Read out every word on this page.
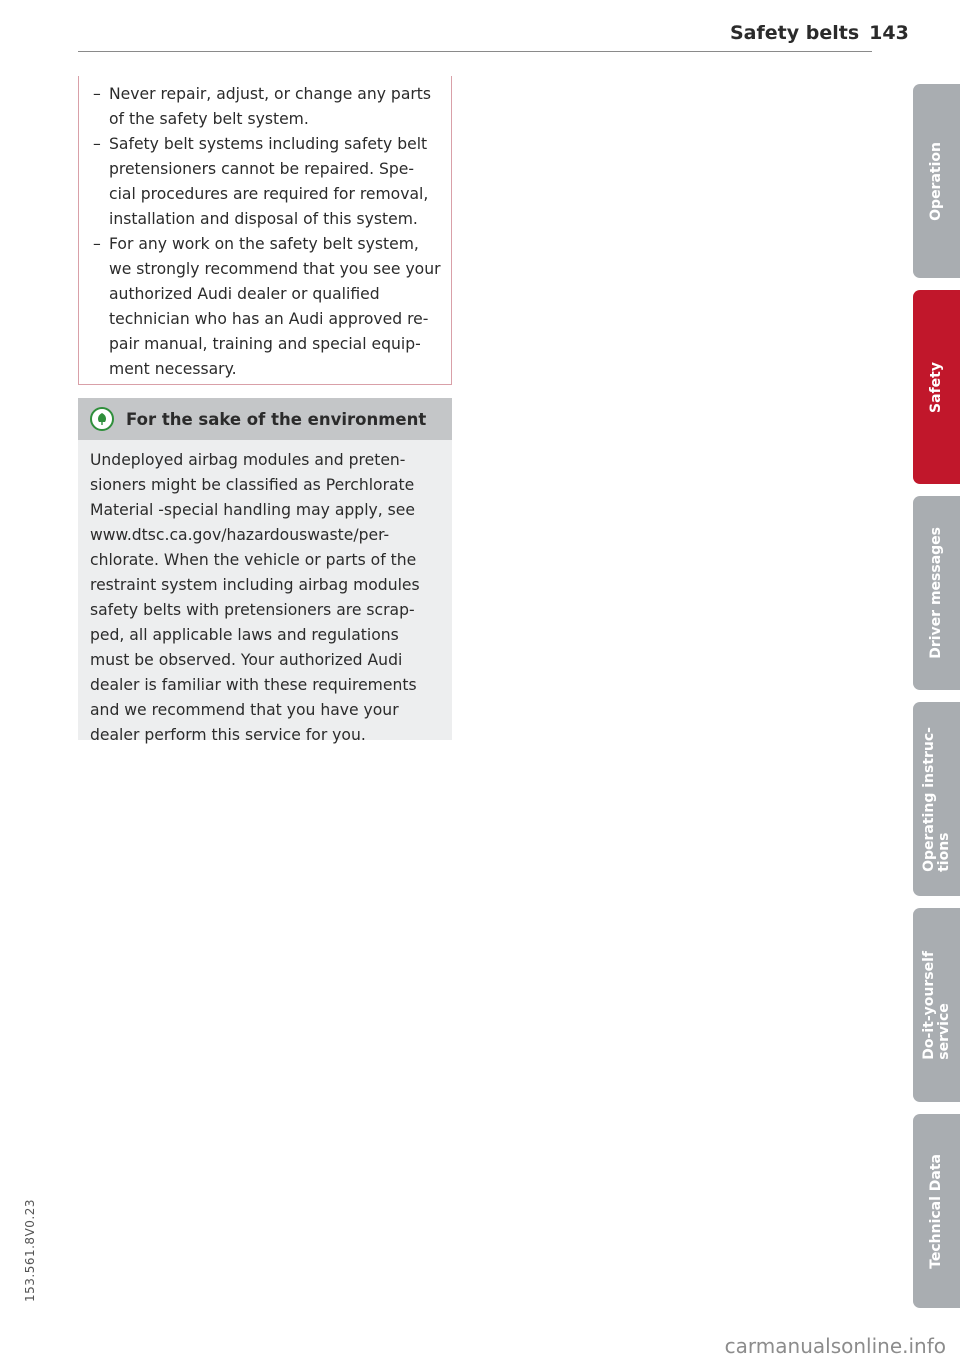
Safety belts 143
– Never repair, adjust, or change any parts of the safety belt system.
– Safety belt systems including safety belt pretensioners cannot be repaired. Spe- cial procedures are required for removal, installation and disposal of this system.
– For any work on the safety belt system, we strongly recommend that you see your authorized Audi dealer or qualified technician who has an Audi approved re- pair manual, training and special equip- ment necessary.
For the sake of the environment
Undeployed airbag modules and preten-
sioners might be classified as Perchlorate
Material -special handling may apply, see
www.dtsc.ca.gov/hazardouswaste/per-
chlorate. When the vehicle or parts of the
restraint system including airbag modules
safety belts with pretensioners are scrap-
ped, all applicable laws and regulations
must be observed. Your authorized Audi
dealer is familiar with these requirements
and we recommend that you have your
dealer perform this service for you.
Operation
Safety
Driver messages
Operating instruc-
tions
Do-it-yourself
service
Technical Data
153.561.8V0.23
carmanualsonline.info
